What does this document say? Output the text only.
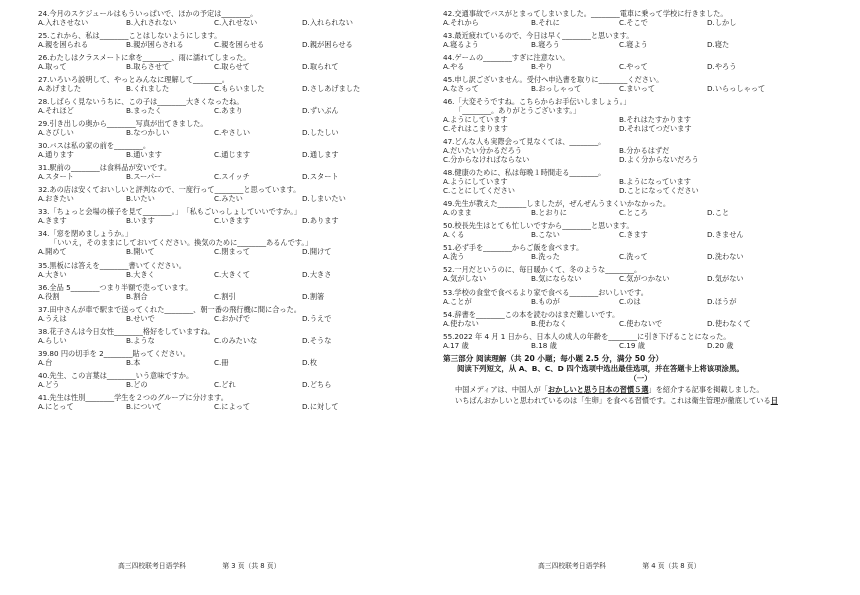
24.今月のスケジュールはもういっぱいで、ほかの予定は________。
A.入れさせない	B.入れされない	C.入れせない	D.入れられない
25.これから、私は________ことはしないようにします。
A.親を困られる	B.親が困らされる	C.親を困らせる	D.親が困らせる
26.わたしはクラスメートに傘を________、雨に濡れてしまった。
A.取って	B.取らさせて	C.取らせて	D.取られて
27.いろいろ説明して、やっとみんなに理解して________。
A.あげました	B.くれました	C.もらいました	D.さしあげました
28.しばらく見ないうちに、この子は________大きくなったね。
A.それほど	B.まったく	C.あまり	D.ずいぶん
29.引き出しの奥から________写真が出てきました。
A.さびしい	B.なつかしい	C.やさしい	D.したしい
30.バスは私の家の前を________。
A.通ります	B.通います	C.通じます	D.通します
31.駅前の________は食料品が安いです。
A.スタート	B.スーパー	C.スイッチ	D.スタート
32.あの店は安くておいしいと評判なので、一度行って________と思っています。
A.おきたい	B.いたい	C.みたい	D.しまいたい
33.「ちょっと会場の様子を見て________。」　「私もごいっしょしていいですか。」
A.きます	B.います	C.いきます	D.あります
34.「窓を閉めましょうか。」
「いいえ，そのままにしておいてください。換気のために________あるんです。」
A.開めて	B.開いて	C.閉まって	D.開けて
35.黒板には答えを________書いてください。
A.大きい	B.大きく	C.大きくて	D.大きさ
36.全品 5________つまり半額で売っています。
A.役割	B.割合	C.割引	D.割箸
37.田中さんが車で駅まで送ってくれた________、朝一番の飛行機に間に合った。
A.うえは	B.せいで	C.おかげで	D.うえで
38.花子さんは今日女性________格好をしていますね。
A.らしい	B.ような	C.のみたいな	D.そうな
39.80 円の切手を 2________貼ってください。
A.台	B.本	C.冊	D.枚
40.先生、この言葉は________いう意味ですか。
A.どう	B.どの	C.どれ	D.どちら
41.先生は性別________学生を２つのグループに分けます。
A.にとって	B.について	C.によって	D.に対して
42.交通事故でバスがとまってしまいました。________電車に乗って学校に行きました。
A.それから	B.それに	C.そこで	D.しかし
43.最近疲れているので、今日は早く________と思います。
A.寝るよう	B.寝ろう	C.寝よう	D.寝た
44.ゲームの________すぎに注意ない。
A.やる	B.やり	C.やって	D.やろう
45.申し訳ございません。受付へ申込書を取りに________ください。
A.なさって	B.おっしゃって	C.まいって	D.いらっしゃって
46.「大変そうですね。こちらからお手伝いしましょう。」
「________。ありがとうございます。」
A.ようにしています	B.それはたすかります
C.それはこまります	D.それはてつだいます
47.どんな人も実際会って見なくては、________。
A.だいたい分かるだろう	B.分かるはずだ
C.分からなければならない	D.よく分からないだろう
48.健康のために、私は毎晩１時間走る________。
A.ようにしています	B.ようになっています
C.ことにしてください	D.ことになってください
49.先生が教えた________しましたが，ぜんぜんうまくいかなかった。
A.のまま	B.とおりに	C.ところ	D.こと
50.校長先生はとても忙しいですから________と思います。
A.くる	B.こない	C.きます	D.きません
51.必ず手を________からご飯を食べます。
A.洗う	B.洗った	C.洗って	D.洗わない
52.一月だというのに、毎日暖かくて、冬のような________。
A.気がしない	B.気にならない	C.気がつかない	D.気がない
53.学校の食堂で食べるより家で食べる________おいしいです。
A.ことが	B.ものが	C.のは	D.ほうが
54.辞書を________この本を読むのはまだ難しいです。
A.使わない	B.使わなく	C.使わないで	D.使わなくて
55.2022 年 4 月 1 日から、日本人の成人の年齢を________に引き下げることになった。
A.17 歳	B.18 歳	C.19 歳	D.20 歳
第三部分 阅读理解（共 20 小题；每小题 2.5 分，满分 50 分）
阅读下列短文，从 A、B、C、D 四个选项中选出最佳选项，并在答题卡上将该项涂黑。
（一）
中国メディアは、中国人が「おかしいと思う日本の習慣５選」を紹介する記事を掲載しました。
いちばんおかしいと思われているのは「生卵」を食べる習慣です。これは衛生管理が徹底している日
高三四校联考日语学科	第 3 页（共 8 页）	高三四校联考日语学科	第 4 页（共 8 页）
